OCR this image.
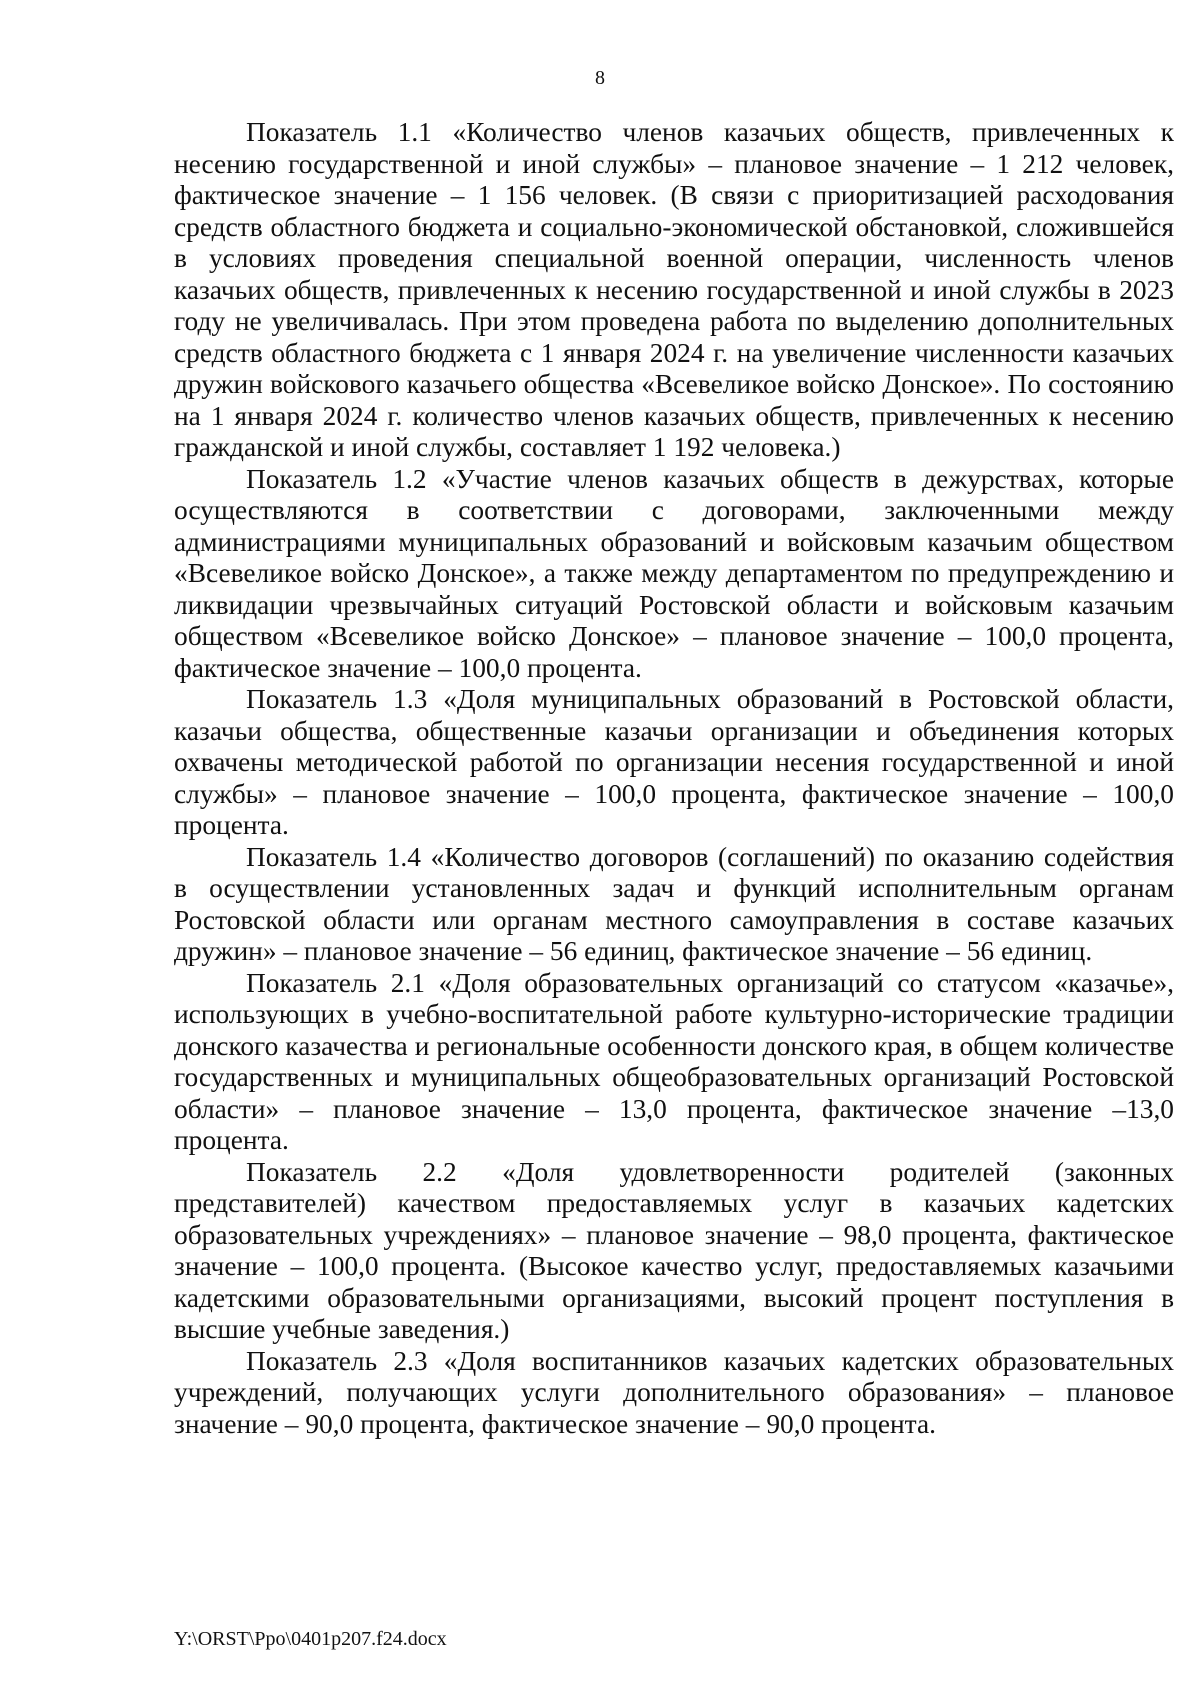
8

Показатель 1.1 «Количество членов казачьих обществ, привлеченных к несению государственной и иной службы» – плановое значение – 1 212 человек, фактическое значение – 1 156 человек. (В связи с приоритизацией расходования средств областного бюджета и социально-экономической обстановкой, сложившейся в условиях проведения специальной военной операции, численность членов казачьих обществ, привлеченных к несению государственной и иной службы в 2023 году не увеличивалась. При этом проведена работа по выделению дополнительных средств областного бюджета с 1 января 2024 г. на увеличение численности казачьих дружин войскового казачьего общества «Всевеликое войско Донское». По состоянию на 1 января 2024 г. количество членов казачьих обществ, привлеченных к несению гражданской и иной службы, составляет 1 192 человека.)

Показатель 1.2 «Участие членов казачьих обществ в дежурствах, которые осуществляются в соответствии с договорами, заключенными между администрациями муниципальных образований и войсковым казачьим обществом «Всевеликое войско Донское», а также между департаментом по предупреждению и ликвидации чрезвычайных ситуаций Ростовской области и войсковым казачьим обществом «Всевеликое войско Донское» – плановое значение – 100,0 процента, фактическое значение – 100,0 процента.

Показатель 1.3 «Доля муниципальных образований в Ростовской области, казачьи общества, общественные казачьи организации и объединения которых охвачены методической работой по организации несения государственной и иной службы» – плановое значение – 100,0 процента, фактическое значение – 100,0 процента.

Показатель 1.4 «Количество договоров (соглашений) по оказанию содействия в осуществлении установленных задач и функций исполнительным органам Ростовской области или органам местного самоуправления в составе казачьих дружин» – плановое значение – 56 единиц, фактическое значение – 56 единиц.

Показатель 2.1 «Доля образовательных организаций со статусом «казачье», использующих в учебно-воспитательной работе культурно-исторические традиции донского казачества и региональные особенности донского края, в общем количестве государственных и муниципальных общеобразовательных организаций Ростовской области» – плановое значение – 13,0 процента, фактическое значение –13,0 процента.

Показатель 2.2 «Доля удовлетворенности родителей (законных представителей) качеством предоставляемых услуг в казачьих кадетских образовательных учреждениях» – плановое значение – 98,0 процента, фактическое значение – 100,0 процента. (Высокое качество услуг, предоставляемых казачьими кадетскими образовательными организациями, высокий процент поступления в высшие учебные заведения.)

Показатель 2.3 «Доля воспитанников казачьих кадетских образовательных учреждений, получающих услуги дополнительного образования» – плановое значение – 90,0 процента, фактическое значение – 90,0 процента.

Y:\ORST\Ppo\0401p207.f24.docx
